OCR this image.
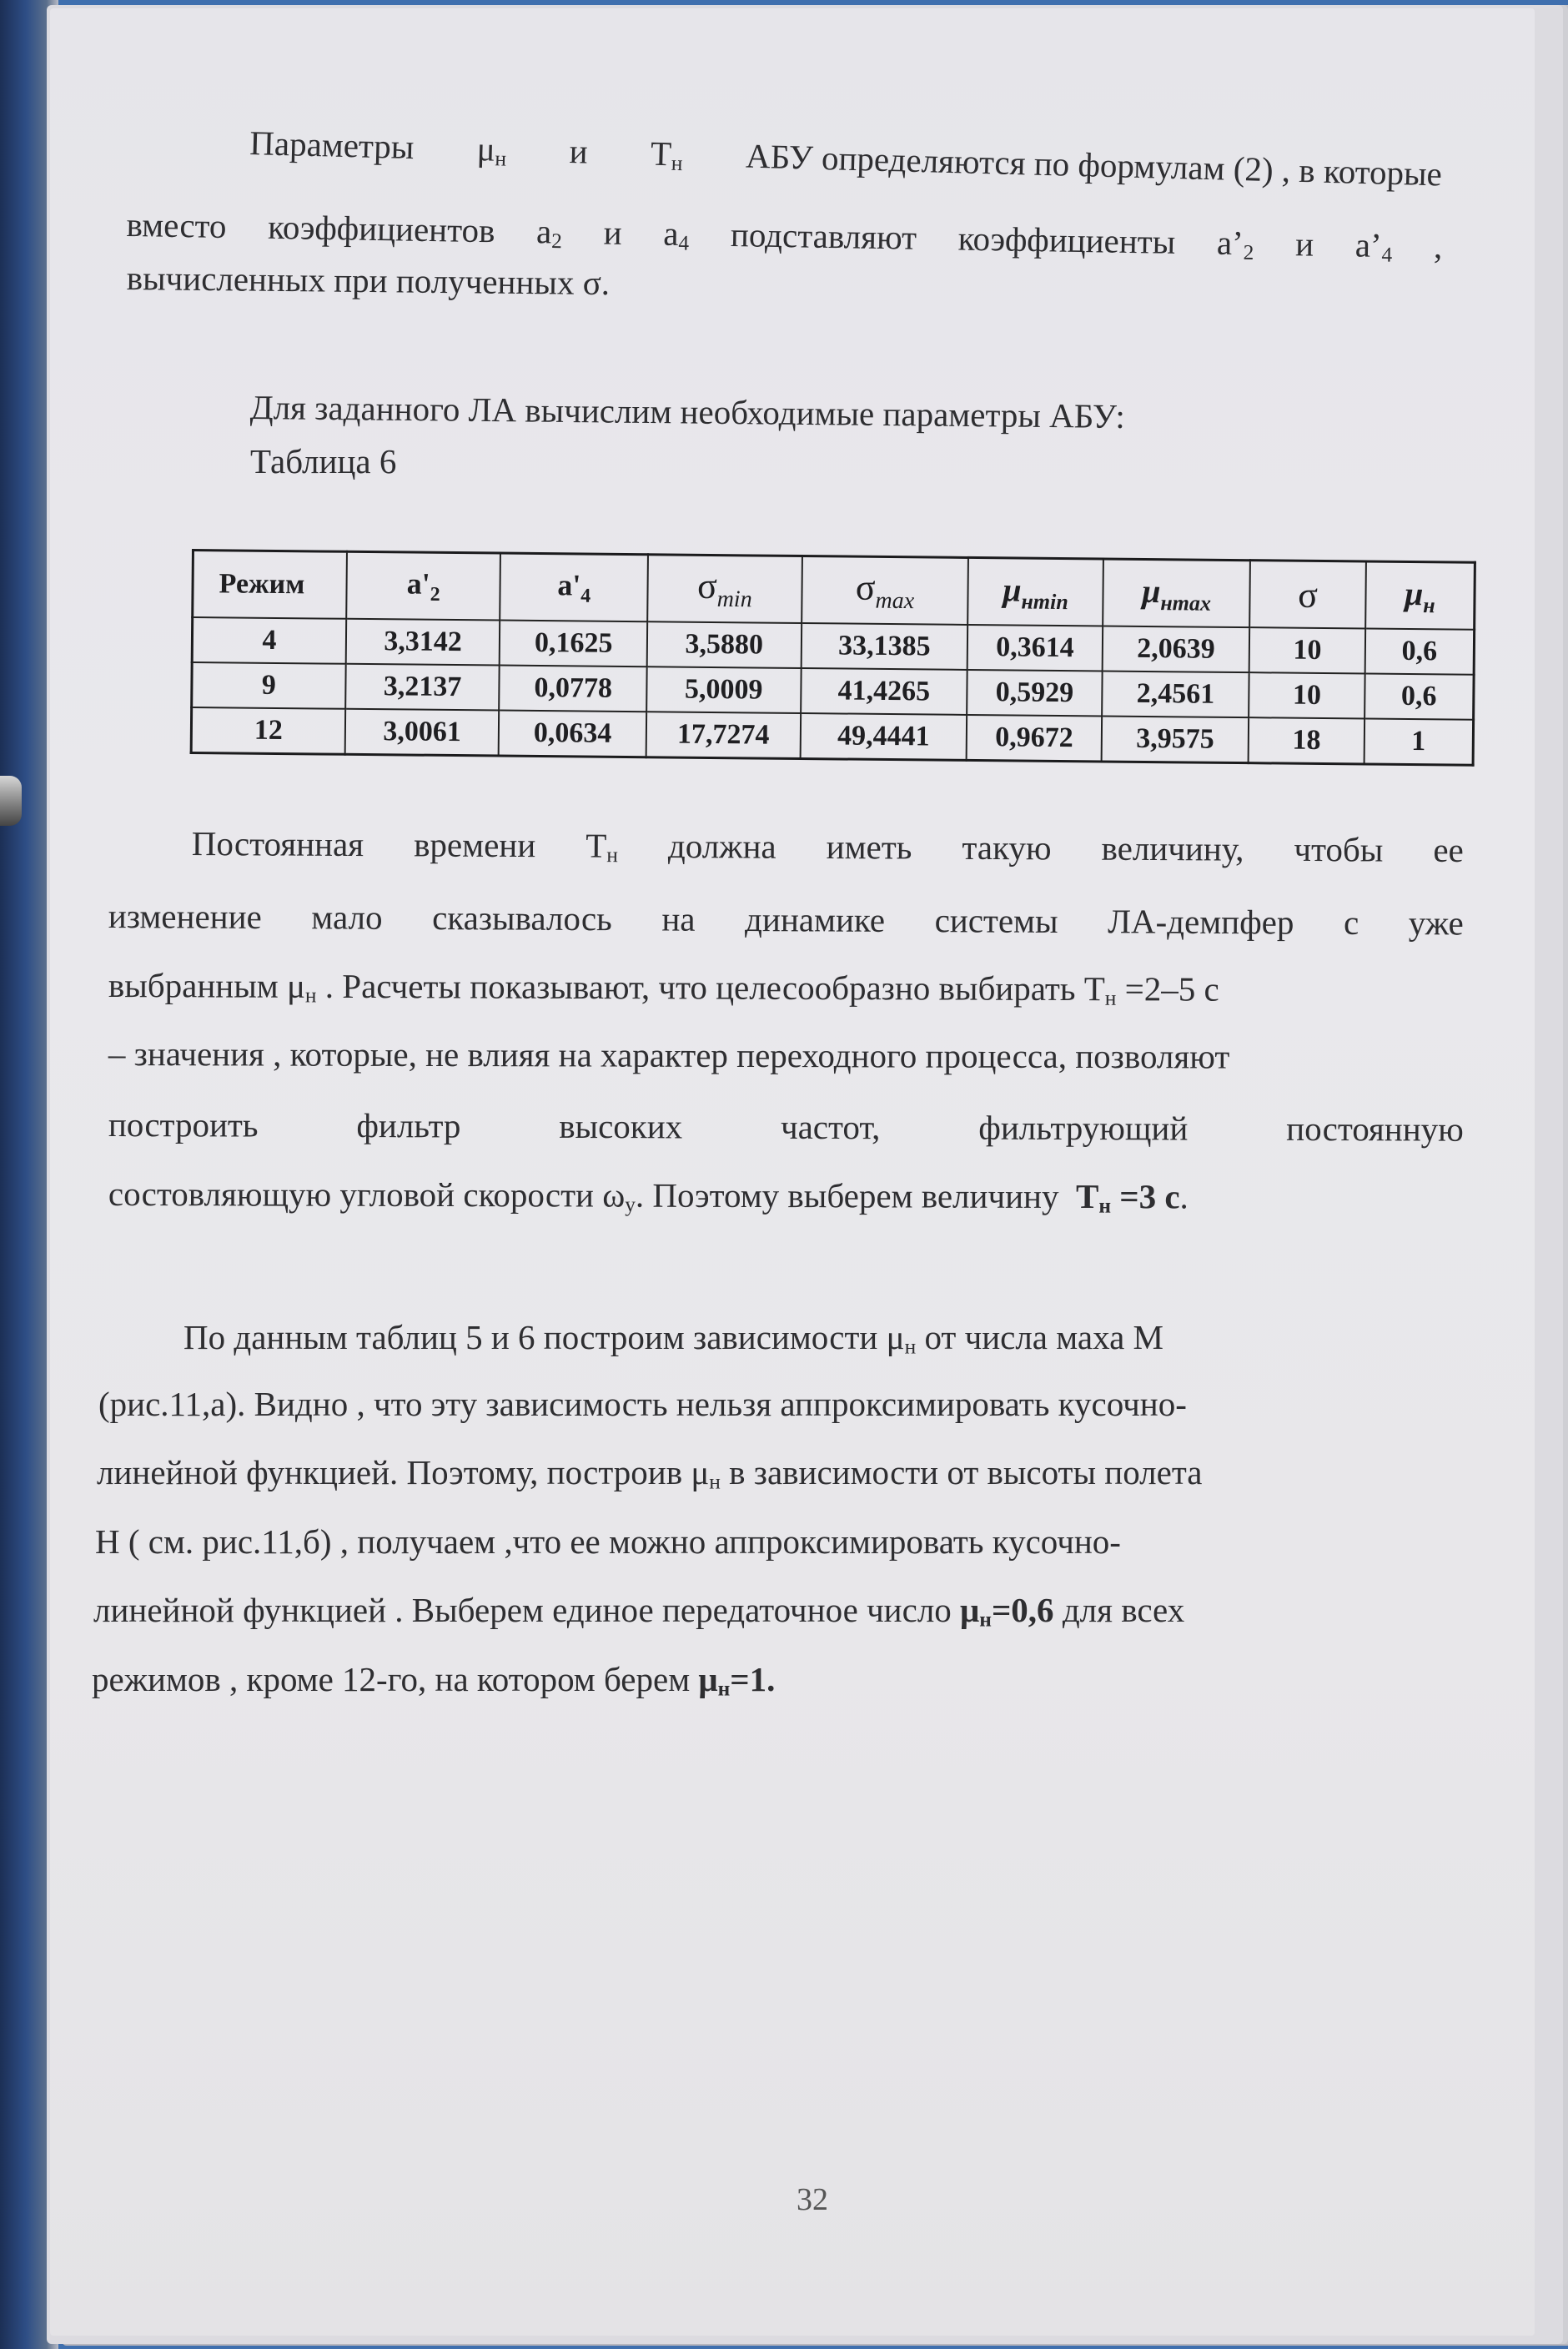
Параметры $\mu_н$ и $T_н$ АБУ определяются по формулам (2) , в которые
вместо коэффициентов $a_2$ и $a_4$ подставляют коэффициенты $a’_2$ и $a’_4$ ,
вычисленных при полученных σ.
Для заданного ЛА вычислим необходимые параметры АБУ:
Таблица 6
Режим	$a'_2$	$a'_4$	$\sigma_{min}$	$\sigma_{max}$	$\mu_{нmin}$	$\mu_{нmax}$	σ	$\mu_н$
4	3,3142	0,1625	3,5880	33,1385	0,3614	2,0639	10	0,6
9	3,2137	0,0778	5,0009	41,4265	0,5929	2,4561	10	0,6
12	3,0061	0,0634	17,7274	49,4441	0,9672	3,9575	18	1
Постоянная времени $T_н$ должна иметь такую величину, чтобы ее
изменение мало сказывалось на динамике системы ЛА-демпфер с уже
выбранным $\mu_н$ . Расчеты показывают, что целесообразно выбирать $T_н =2-5$ с
– значения , которые, не влияя на характер переходного процесса, позволяют
построить	фильтр	высоких	частот,	фильтрующий	постоянную
состовляющую угловой скорости $\omega_y$. Поэтому выберем величину $T_н =3$ с.
По данным таблиц 5 и 6 построим зависимости $\mu_н$ от числа маха M
(рис.11,а). Видно , что эту зависимость нельзя аппроксимировать кусочно-
линейной функцией. Поэтому, построив $\mu_н$ в зависимости от высоты полета
H ( см. рис.11,б) , получаем ,что ее можно аппроксимировать кусочно-
линейной функцией . Выберем единое передаточное число $\mu_н=0,6$ для всех
режимов , кроме 12-го, на котором берем $\mu_н=1$.
32
